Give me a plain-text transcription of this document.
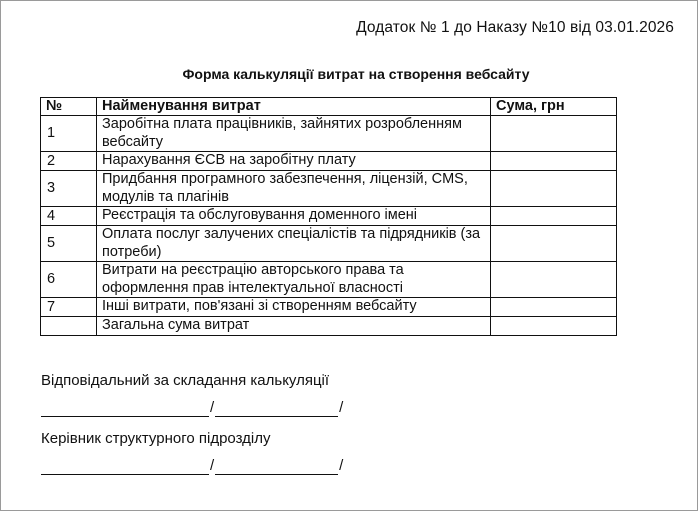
Додаток № 1 до Наказу №10 від 03.01.2026
Форма калькуляції витрат на створення вебсайту
№	Найменування витрат	Сума, грн
1	Заробітна плата працівників, зайнятих розробленням вебсайту	
2	Нарахування ЄСВ на заробітну плату	
3	Придбання програмного забезпечення, ліцензій, CMS, модулів та плагінів	
4	Реєстрація та обслуговування доменного імені	
5	Оплата послуг залучених спеціалістів та підрядників (за потреби)	
6	Витрати на реєстрацію авторського права та оформлення прав інтелектуальної власності	
7	Інші витрати, пов'язані зі створенням вебсайту	
	Загальна сума витрат	
Відповідальний за складання калькуляції
/	/
Керівник структурного підрозділу
/	/
